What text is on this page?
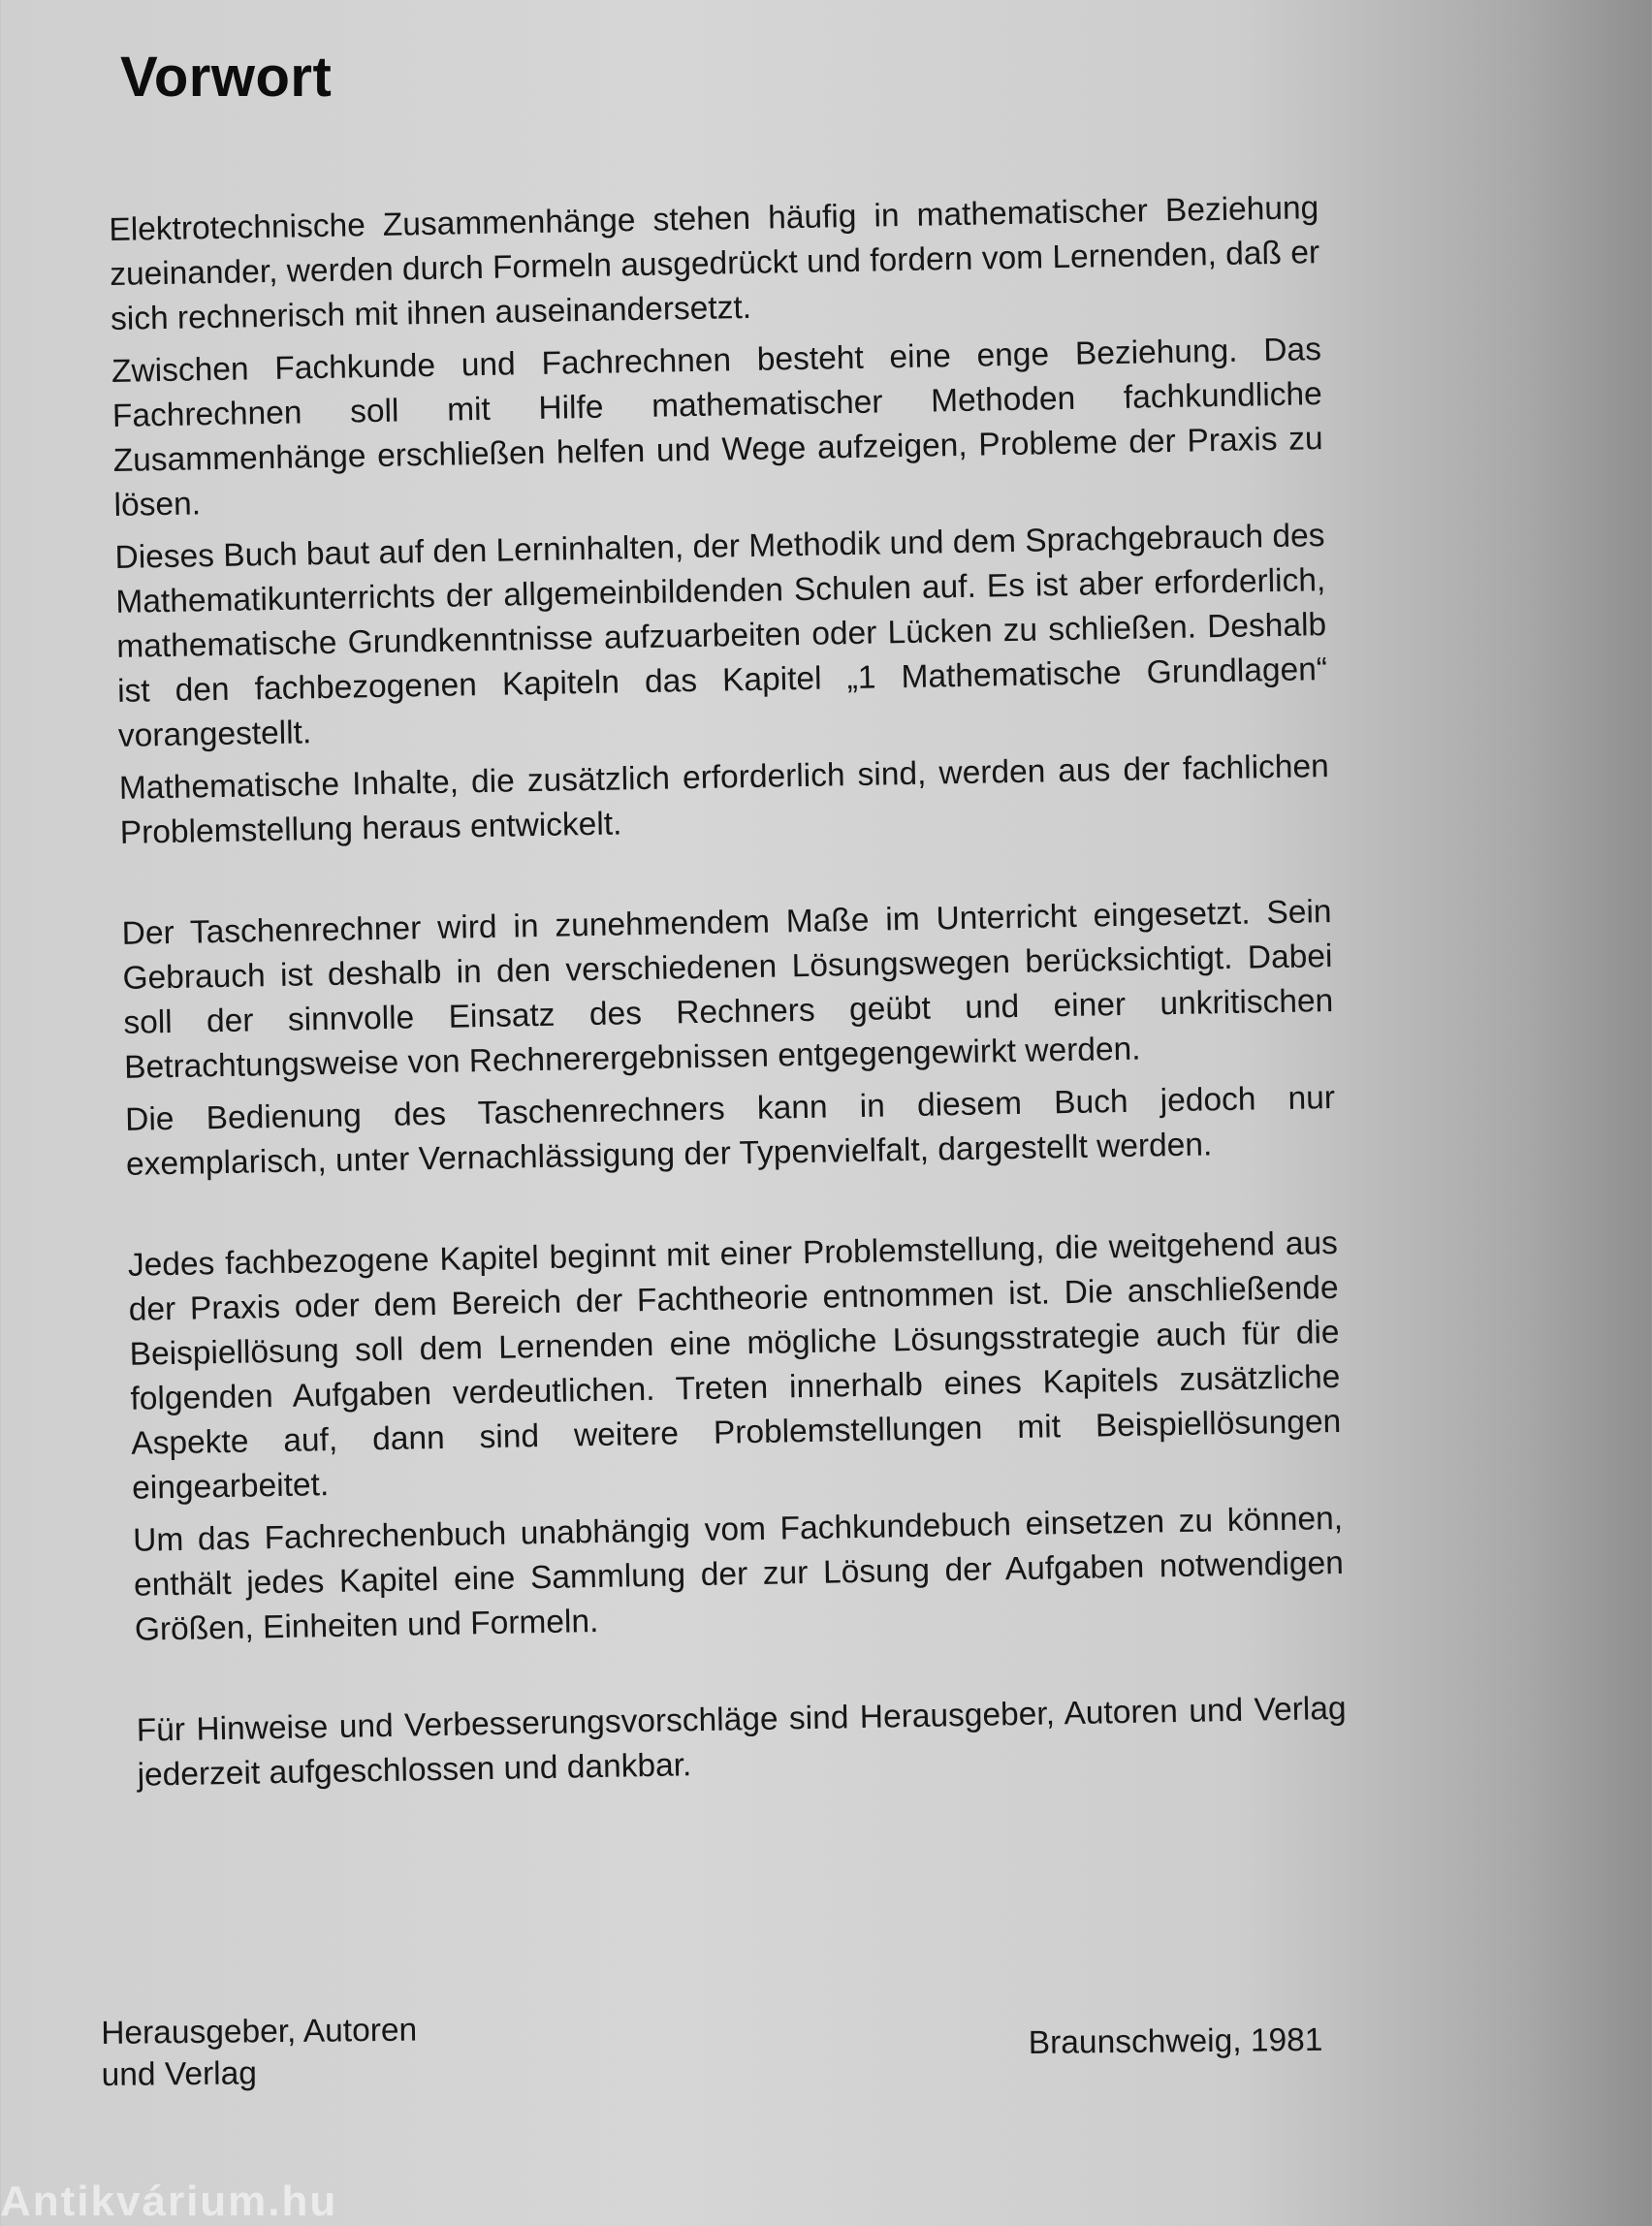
Vorwort

Elektrotechnische Zusammenhänge stehen häufig in mathematischer Beziehung zueinander, werden durch Formeln ausgedrückt und fordern vom Lernenden, daß er sich rechnerisch mit ihnen auseinandersetzt.

Zwischen Fachkunde und Fachrechnen besteht eine enge Beziehung. Das Fachrechnen soll mit Hilfe mathematischer Methoden fachkundliche Zusammenhänge erschließen helfen und Wege aufzeigen, Probleme der Praxis zu lösen.

Dieses Buch baut auf den Lerninhalten, der Methodik und dem Sprachgebrauch des Mathematikunterrichts der allgemeinbildenden Schulen auf. Es ist aber erforderlich, mathematische Grundkenntnisse aufzuarbeiten oder Lücken zu schließen. Deshalb ist den fachbezogenen Kapiteln das Kapitel „1 Mathematische Grundlagen“ vorangestellt.

Mathematische Inhalte, die zusätzlich erforderlich sind, werden aus der fachlichen Problemstellung heraus entwickelt.

Der Taschenrechner wird in zunehmendem Maße im Unterricht eingesetzt. Sein Gebrauch ist deshalb in den verschiedenen Lösungswegen berücksichtigt. Dabei soll der sinnvolle Einsatz des Rechners geübt und einer unkritischen Betrachtungsweise von Rechnerergebnissen entgegengewirkt werden.

Die Bedienung des Taschenrechners kann in diesem Buch jedoch nur exemplarisch, unter Vernachlässigung der Typenvielfalt, dargestellt werden.

Jedes fachbezogene Kapitel beginnt mit einer Problemstellung, die weitgehend aus der Praxis oder dem Bereich der Fachtheorie entnommen ist. Die anschließende Beispiellösung soll dem Lernenden eine mögliche Lösungsstrategie auch für die folgenden Aufgaben verdeutlichen. Treten innerhalb eines Kapitels zusätzliche Aspekte auf, dann sind weitere Problemstellungen mit Beispiellösungen eingearbeitet.

Um das Fachrechenbuch unabhängig vom Fachkundebuch einsetzen zu können, enthält jedes Kapitel eine Sammlung der zur Lösung der Aufgaben notwendigen Größen, Einheiten und Formeln.

Für Hinweise und Verbesserungsvorschläge sind Herausgeber, Autoren und Verlag jederzeit aufgeschlossen und dankbar.

Herausgeber, Autoren
und Verlag
Braunschweig, 1981
Antikvárium.hu
